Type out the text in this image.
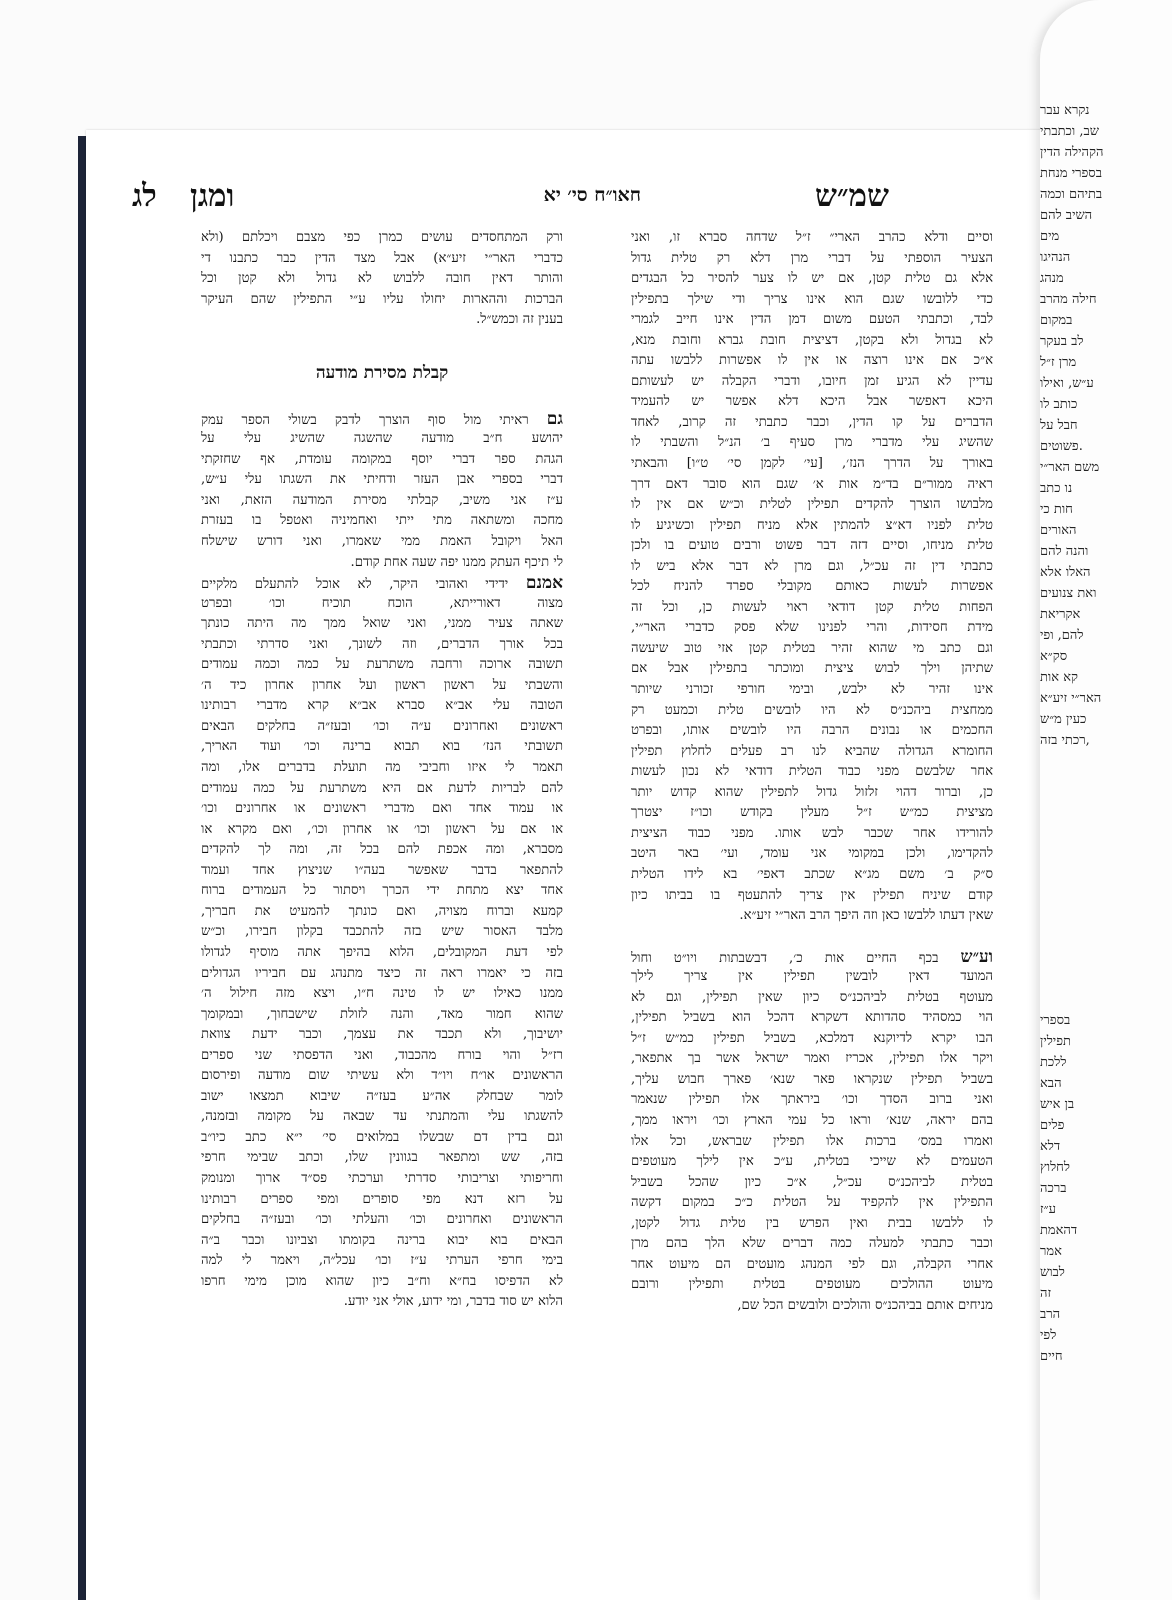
שמ״ש
חאו״ח סי׳ יא
ומגן
לג
וסיים ודלא כהרב הארי״ ז״ל שדחה סברא זו, ואני
הצעיר הוספתי על דברי מרן דלא רק טלית גדול
אלא גם טלית קטן, אם יש לו צער להסיר כל הבגדים
כדי ללובשו שגם הוא אינו צריך ודי שילך בתפילין
לבד, וכתבתי הטעם משום דמן הדין אינו חייב לגמרי
לא בגדול ולא בקטן, דציצית חובת גברא וחובת מנא,
א״כ אם אינו רוצה או אין לו אפשרות ללבשו עתה
עדיין לא הגיע זמן חיובו, ודברי הקבלה יש לעשותם
היכא דאפשר אבל היכא דלא אפשר יש להעמיד
הדברים על קו הדין, וכבר כתבתי זה קרוב, לאחד
שהשיג עלי מדברי מרן סעיף ב׳ הנ״ל והשבתי לו
באורך על הדרך הנז׳, [עי׳ לקמן סי׳ ט״ו] והבאתי
ראיה ממור״ם בד״מ אות א׳ שגם הוא סובר דאם דרך
מלבושו הוצרך להקדים תפילין לטלית וכ״ש אם אין לו
טלית לפניו דא״צ להמתין אלא מניח תפילין וכשיגיע לו
טלית מניחו, וסיים דזה דבר פשוט ורבים טועים בו ולכן
כתבתי דין זה עכ״ל, וגם מרן לא דבר אלא ביש לו
אפשרות לעשות כאותם מקובלי ספרד להניח לכל
הפחות טלית קטן דודאי ראוי לעשות כן, וכל זה
מידת חסידות, והרי לפנינו שלא פסק כדברי האר״י,
וגם כתב מי שהוא זהיר בטלית קטן אזי טוב שיעשה
שתיהן וילך לבוש ציצית ומוכתר בתפילין אבל אם
אינו זהיר לא ילבש, ובימי חורפי זכורני שיותר
ממחצית ביהכנ״ס לא היו לובשים טלית וכמעט רק
החכמים או נבונים הרבה היו לובשים אותו, ובפרט
החומרא הגדולה שהביא לנו רב פעלים לחלוץ תפילין
אחר שלבשם מפני כבוד הטלית דודאי לא נכון לעשות
כן, וברור דהוי זלזול גדול לתפילין שהוא קדוש יותר
מציצית כמ״ש ז״ל מעלין בקודש וכו״ז יצטרך
להורידו אחר שכבר לבש אותו. מפני כבוד הציצית
להקדימו, ולכן במקומי אני עומד, ועי׳ באר היטב
ס״ק ב׳ משם מג״א שכתב דאפי׳ בא לידו הטלית
קודם שיניח תפילין אין צריך להתעטף בו בביתו כיון
שאין דעתו ללבשו כאן וזה היפך הרב האר״י זיע״א.
וע״ש בכף החיים אות כ׳, דבשבתות ויו״ט וחול
המועד דאין לובשין תפילין אין צריך לילך
מעוטף בטלית לביהכנ״ס כיון שאין תפילין, וגם לא
הוי כמסהיד סהדותא דשקרא דהכל הוא בשביל תפילין,
הבו יקרא לדיוקנא דמלכא, בשביל תפילין כמ״ש ז״ל
ויקר אלו תפילין, אכריז ואמר ישראל אשר בך אתפאר,
בשביל תפילין שנקראו פאר שנא׳ פארך חבוש עליך,
ואני ברוב הסדך וכו׳ ביראתך אלו תפילין שנאמר
בהם יראה, שנא׳ וראו כל עמי הארץ וכו׳ ויראו ממך,
ואמרו במס׳ ברכות אלו תפילין שבראש, וכל אלו
הטעמים לא שייכי בטלית, ע״כ אין לילך מעוטפים
בטלית לביהכנ״ס עכ״ל, א״כ כיון שהכל בשביל
התפילין אין להקפיד על הטלית כ״כ במקום דקשה
לו ללבשו בבית ואין הפרש בין טלית גדול לקטן,
וכבר כתבתי למעלה כמה דברים שלא הלך בהם מרן
אחרי הקבלה, וגם לפי המנהג מועטים הם מיעוט אחר
מיעוט ההולכים מעוטפים בטלית ותפילין ורובם
מניחים אותם בביהכנ״ס והולכים ולובשים הכל שם,
ורק המתחסדים עושים כמרן כפי מצבם ויכלתם (ולא
כדברי האר״י זיע״א) אבל מצד הדין כבר כתבנו די
והותר דאין חובה ללבוש לא גדול ולא קטן וכל
הברכות וההארות יחולו עליו ע״י התפילין שהם העיקר
בענין זה וכמש״ל.
קבלת מסירת מודעה
גם ראיתי מול סוף הוצרך לדבק בשולי הספר עמק
יהושע ח״ב מודעה שהשגה שהשיג עלי על
הגהת ספר דברי יוסף במקומה עומדת, אף שחזקתי
דברי בספרי אבן העזר ודחיתי את השגתו עלי ע״ש,
ע״ז אני משיב, קבלתי מסירת המודעה הזאת, ואני
מחכה ומשתאה מתי ייתי ואחמיניה ואטפל בו בעזרת
האל ויקובל האמת ממי שאמרו, ואני דורש שישלח
לי תיכף העתק ממנו יפה שעה אחת קודם.
אמנם ידידי ואהובי היקר, לא אוכל להתעלם מלקיים
מצוה דאורייתא, הוכח תוכיח וכו׳ ובפרט
שאתה צעיר ממני, ואני שואל ממך מה היתה כונתך
בכל אורך הדברים, וזה לשונך, ואני סדרתי וכתבתי
תשובה ארוכה ורחבה משתרעת על כמה וכמה עמודים
והשבתי על ראשון ראשון ועל אחרון אחרון כיד ה׳
הטובה עלי אב״א סברא אב״א קרא מדברי רבותינו
ראשונים ואחרונים ע״ה וכו׳ ובעז״ה בחלקים הבאים
תשובתי הנז׳ בוא תבוא ברינה וכו׳ ועוד האריך,
תאמר לי איזו וחביבי מה תועלת בדברים אלו, ומה
להם לבריות לדעת אם היא משתרעת על כמה עמודים
או עמוד אחד ואם מדברי ראשונים או אחרונים וכו׳
או אם על ראשון וכו׳ או אחרון וכו׳, ואם מקרא או
מסברא, ומה אכפת להם בכל זה, ומה לך להקדים
להתפאר בדבר שאפשר בעה״ו שניצוץ אחד ועמוד
אחד יצא מתחת ידי הכרך ויסתור כל העמודים ברוח
קמעא וברוח מצויה, ואם כונתך להמעיט את חבריך,
מלבד האסור שיש בזה להתכבד בקלון חבירו, וכ״ש
לפי דעת המקובלים, הלוא בהיפך אתה מוסיף לגדולו
בזה כי יאמרו ראה זה כיצד מתנהג עם חביריו הגדולים
ממנו כאילו יש לו טינה ח״ו, ויצא מזה חילול ה׳
שהוא חמור מאד, והנה לזולת שישבחוך, ובמקומך
יושיבוך, ולא תכבד את עצמך, וכבר ידעת צוואת
רז״ל והוי בורח מהכבוד, ואני הדפסתי שני ספרים
הראשונים או״ח ויו״ד ולא עשיתי שום מודעה ופירסום
לומר שבחלק אה״ע בעז״ה שיבוא תמצאו ישוב
להשגתו עלי והמתנתי עד שבאה על מקומה ובזמנה,
וגם בדין דם שבשלו במלואים סי׳ י״א כתב כיו״ב
בזה, שש ומתפאר בגוונין שלו, וכתב שבימי חרפי
וחריפותי וצריבותי סדרתי וערכתי פס״ד ארוך ומנומק
על רזא דנא מפי סופרים ומפי ספרים רבותינו
הראשונים ואחרונים וכו׳ והעלתי וכו׳ ובעז״ה בחלקים
הבאים בוא יבוא ברינה בקומתו וצביונו וכבר ב״ה
בימי חרפי הערתי ע״ז וכו׳ עכל״ה, ויאמר לי למה
לא הדפיסו בח״א וח״ב כיון שהוא מוכן מימי חרפו
הלוא יש סוד בדבר, ומי ידוע, אולי אני יודע.
נקרא עבר
שב, וכתבתי
הקהילה הדין
בספרי מנחת
בתיהם וכמה
השיב להם
מים
הנהיגו
מנהג
חילה מהרב
במקום
לב בעקר
מרן ז״ל
ע״ש, ואילו
כותב לו
חבל על
פשוטים.
משם האר״י
נו כתב
חות כי
האורים
והנה להם
האלו אלא
ואת צנועים
אקריאת
להם, ופי
סק״א
קא אות
האר״י זיע״א
כעין מ״ש
רכתי בזה,
בספרי
תפילין
ללכת
הבא
בן איש
פלים
דלא
לחלוץ
ברכה
ע״ז
דהאמת
אמר
לבוש
זה
הרב
לפי
חיים
